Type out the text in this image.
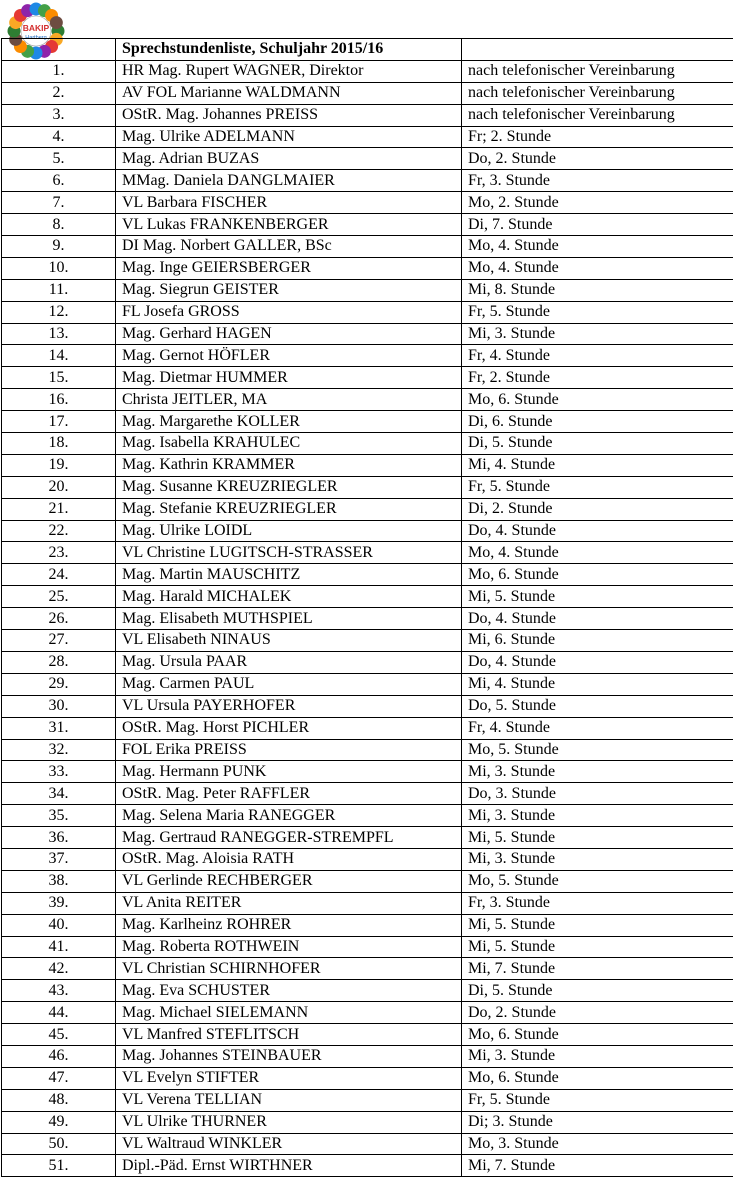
BAKIP
Hartberg
	Sprechstundenliste, Schuljahr 2015/16	
1.	HR Mag. Rupert WAGNER, Direktor	nach telefonischer Vereinbarung
2.	AV FOL Marianne WALDMANN	nach telefonischer Vereinbarung
3.	OStR. Mag. Johannes PREISS	nach telefonischer Vereinbarung
4.	Mag. Ulrike ADELMANN	Fr; 2. Stunde
5.	Mag. Adrian BUZAS	Do, 2. Stunde
6.	MMag. Daniela DANGLMAIER	Fr, 3. Stunde
7.	VL Barbara FISCHER	Mo, 2. Stunde
8.	VL Lukas FRANKENBERGER	Di, 7. Stunde
9.	DI Mag. Norbert GALLER, BSc	Mo, 4. Stunde
10.	Mag. Inge GEIERSBERGER	Mo, 4. Stunde
11.	Mag. Siegrun GEISTER	Mi, 8. Stunde
12.	FL Josefa GROSS	Fr, 5. Stunde
13.	Mag. Gerhard HAGEN	Mi, 3. Stunde
14.	Mag. Gernot HÖFLER	Fr, 4. Stunde
15.	Mag. Dietmar HUMMER	Fr, 2. Stunde
16.	Christa JEITLER, MA	Mo, 6. Stunde
17.	Mag. Margarethe KOLLER	Di, 6. Stunde
18.	Mag. Isabella KRAHULEC	Di, 5. Stunde
19.	Mag. Kathrin KRAMMER	Mi, 4. Stunde
20.	Mag. Susanne KREUZRIEGLER	Fr, 5. Stunde
21.	Mag. Stefanie KREUZRIEGLER	Di, 2. Stunde
22.	Mag. Ulrike LOIDL	Do, 4. Stunde
23.	VL Christine LUGITSCH-STRASSER	Mo, 4. Stunde
24.	Mag. Martin MAUSCHITZ	Mo, 6. Stunde
25.	Mag. Harald MICHALEK	Mi, 5. Stunde
26.	Mag. Elisabeth MUTHSPIEL	Do, 4. Stunde
27.	VL Elisabeth NINAUS	Mi, 6. Stunde
28.	Mag. Ursula PAAR	Do, 4. Stunde
29.	Mag. Carmen PAUL	Mi, 4. Stunde
30.	VL Ursula PAYERHOFER	Do, 5. Stunde
31.	OStR. Mag. Horst PICHLER	Fr, 4. Stunde
32.	FOL Erika PREISS	Mo, 5. Stunde
33.	Mag. Hermann PUNK	Mi, 3. Stunde
34.	OStR. Mag. Peter RAFFLER	Do, 3. Stunde
35.	Mag. Selena Maria RANEGGER	Mi, 3. Stunde
36.	Mag. Gertraud RANEGGER-STREMPFL	Mi, 5. Stunde
37.	OStR. Mag. Aloisia RATH	Mi, 3. Stunde
38.	VL Gerlinde RECHBERGER	Mo, 5. Stunde
39.	VL Anita REITER	Fr, 3. Stunde
40.	Mag. Karlheinz ROHRER	Mi, 5. Stunde
41.	Mag. Roberta ROTHWEIN	Mi, 5. Stunde
42.	VL Christian SCHIRNHOFER	Mi, 7. Stunde
43.	Mag. Eva SCHUSTER	Di, 5. Stunde
44.	Mag. Michael SIELEMANN	Do, 2. Stunde
45.	VL Manfred STEFLITSCH	Mo, 6. Stunde
46.	Mag. Johannes STEINBAUER	Mi, 3. Stunde
47.	VL Evelyn STIFTER	Mo, 6. Stunde
48.	VL Verena TELLIAN	Fr, 5. Stunde
49.	VL Ulrike THURNER	Di; 3. Stunde
50.	VL Waltraud WINKLER	Mo, 3. Stunde
51.	Dipl.-Päd. Ernst WIRTHNER	Mi, 7. Stunde
